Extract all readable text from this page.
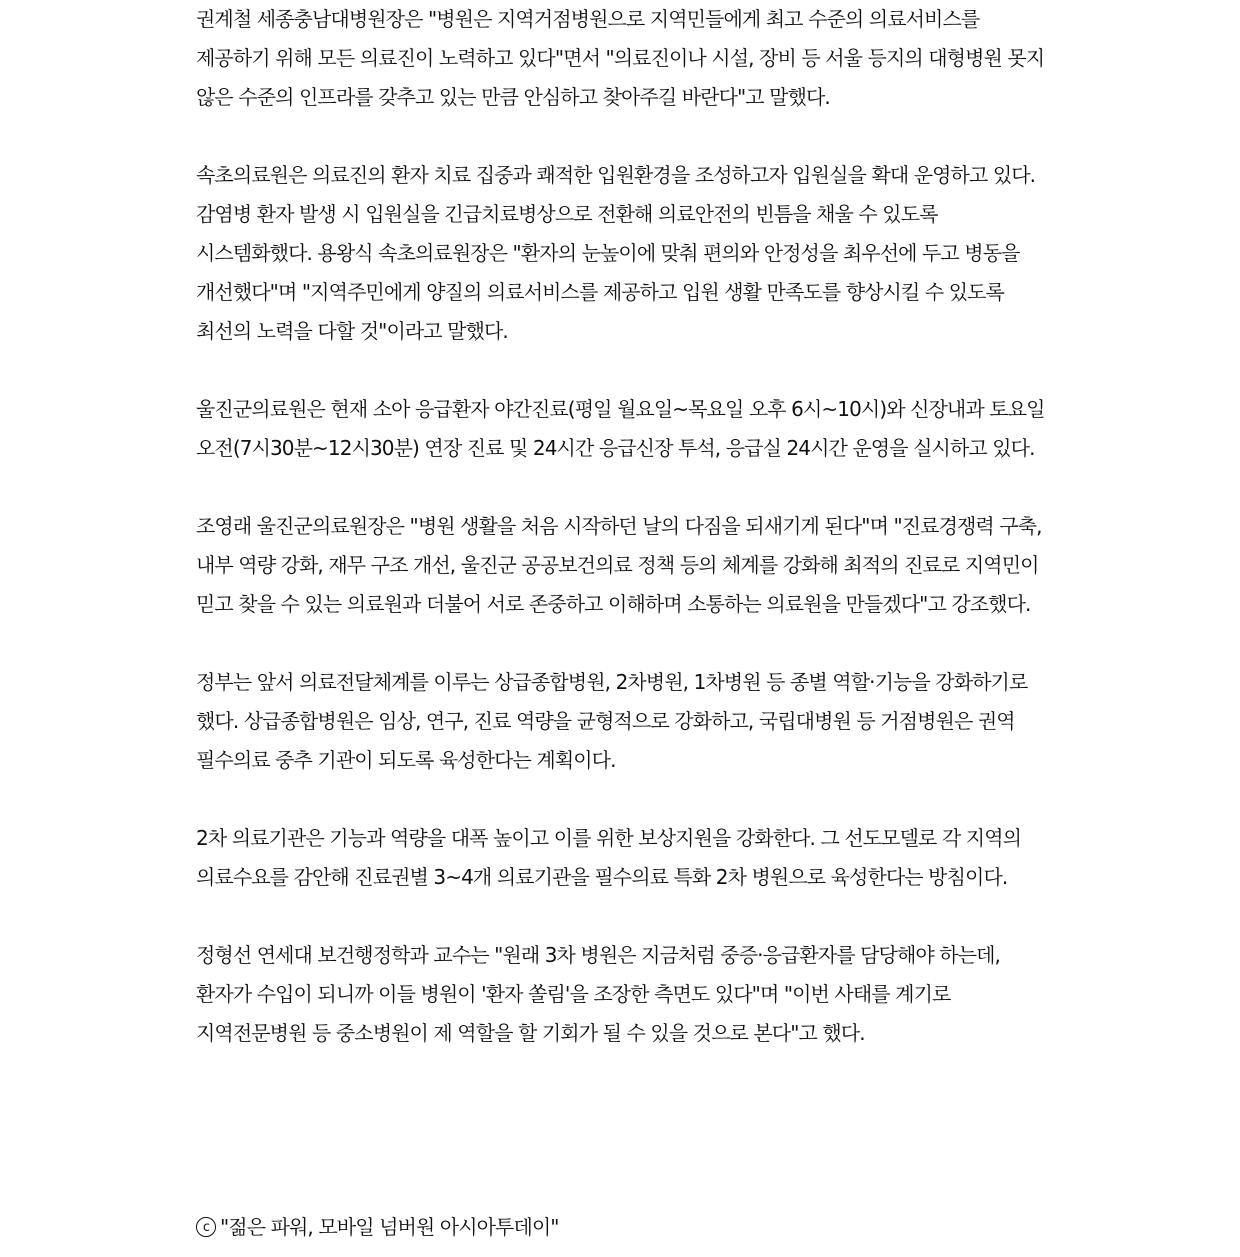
권계철 세종충남대병원장은 "병원은 지역거점병원으로 지역민들에게 최고 수준의 의료서비스를 제공하기 위해 모든 의료진이 노력하고 있다"면서 "의료진이나 시설, 장비 등 서울 등지의 대형병원 못지 않은 수준의 인프라를 갖추고 있는 만큼 안심하고 찾아주길 바란다"고 말했다.

속초의료원은 의료진의 환자 치료 집중과 쾌적한 입원환경을 조성하고자 입원실을 확대 운영하고 있다. 감염병 환자 발생 시 입원실을 긴급치료병상으로 전환해 의료안전의 빈틈을 채울 수 있도록 시스템화했다. 용왕식 속초의료원장은 "환자의 눈높이에 맞춰 편의와 안정성을 최우선에 두고 병동을 개선했다"며 "지역주민에게 양질의 의료서비스를 제공하고 입원 생활 만족도를 향상시킬 수 있도록 최선의 노력을 다할 것"이라고 말했다.

울진군의료원은 현재 소아 응급환자 야간진료(평일 월요일~목요일 오후 6시~10시)와 신장내과 토요일 오전(7시30분~12시30분) 연장 진료 및 24시간 응급신장 투석, 응급실 24시간 운영을 실시하고 있다.

조영래 울진군의료원장은 "병원 생활을 처음 시작하던 날의 다짐을 되새기게 된다"며 "진료경쟁력 구축, 내부 역량 강화, 재무 구조 개선, 울진군 공공보건의료 정책 등의 체계를 강화해 최적의 진료로 지역민이 믿고 찾을 수 있는 의료원과 더불어 서로 존중하고 이해하며 소통하는 의료원을 만들겠다"고 강조했다.

정부는 앞서 의료전달체계를 이루는 상급종합병원, 2차병원, 1차병원 등 종별 역할·기능을 강화하기로 했다. 상급종합병원은 임상, 연구, 진료 역량을 균형적으로 강화하고, 국립대병원 등 거점병원은 권역 필수의료 중추 기관이 되도록 육성한다는 계획이다.

2차 의료기관은 기능과 역량을 대폭 높이고 이를 위한 보상지원을 강화한다. 그 선도모델로 각 지역의 의료수요를 감안해 진료권별 3~4개 의료기관을 필수의료 특화 2차 병원으로 육성한다는 방침이다.

정형선 연세대 보건행정학과 교수는 "원래 3차 병원은 지금처럼 중증·응급환자를 담당해야 하는데, 환자가 수입이 되니까 이들 병원이 '환자 쏠림'을 조장한 측면도 있다"며 "이번 사태를 계기로 지역전문병원 등 중소병원이 제 역할을 할 기회가 될 수 있을 것으로 본다"고 했다.

c "젊은 파워, 모바일 넘버원 아시아투데이"
